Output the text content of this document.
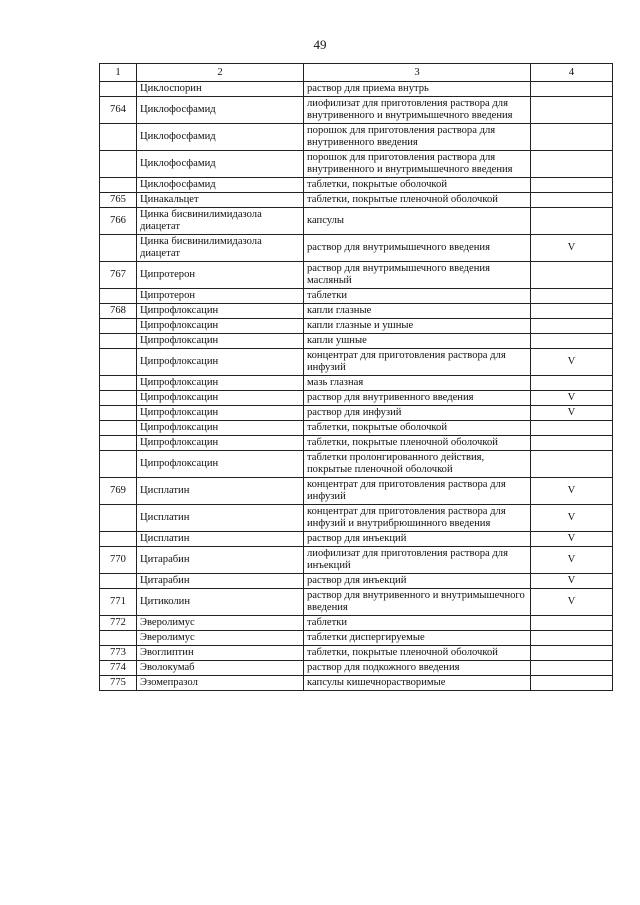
49
1	2	3	4
	Циклоспорин	раствор для приема внутрь	
764	Циклофосфамид	лиофилизат для приготовления раствора для внутривенного и внутримышечного введения	
	Циклофосфамид	порошок для приготовления раствора для внутривенного введения	
	Циклофосфамид	порошок для приготовления раствора для внутривенного и внутримышечного введения	
	Циклофосфамид	таблетки, покрытые оболочкой	
765	Цинакальцет	таблетки, покрытые пленочной оболочкой	
766	Цинка бисвинилимидазола диацетат	капсулы	
	Цинка бисвинилимидазола диацетат	раствор для внутримышечного введения	V
767	Ципротерон	раствор для внутримышечного введения масляный	
	Ципротерон	таблетки	
768	Ципрофлоксацин	капли глазные	
	Ципрофлоксацин	капли глазные и ушные	
	Ципрофлоксацин	капли ушные	
	Ципрофлоксацин	концентрат для приготовления раствора для инфузий	V
	Ципрофлоксацин	мазь глазная	
	Ципрофлоксацин	раствор для внутривенного введения	V
	Ципрофлоксацин	раствор для инфузий	V
	Ципрофлоксацин	таблетки, покрытые оболочкой	
	Ципрофлоксацин	таблетки, покрытые пленочной оболочкой	
	Ципрофлоксацин	таблетки пролонгированного действия, покрытые пленочной оболочкой	
769	Цисплатин	концентрат для приготовления раствора для инфузий	V
	Цисплатин	концентрат для приготовления раствора для инфузий и внутрибрюшинного введения	V
	Цисплатин	раствор для инъекций	V
770	Цитарабин	лиофилизат для приготовления раствора для инъекций	V
	Цитарабин	раствор для инъекций	V
771	Цитиколин	раствор для внутривенного и внутримышечного введения	V
772	Эверолимус	таблетки	
	Эверолимус	таблетки диспергируемые	
773	Эвоглиптин	таблетки, покрытые пленочной оболочкой	
774	Эволокумаб	раствор для подкожного введения	
775	Эзомепразол	капсулы кишечнорастворимые	
